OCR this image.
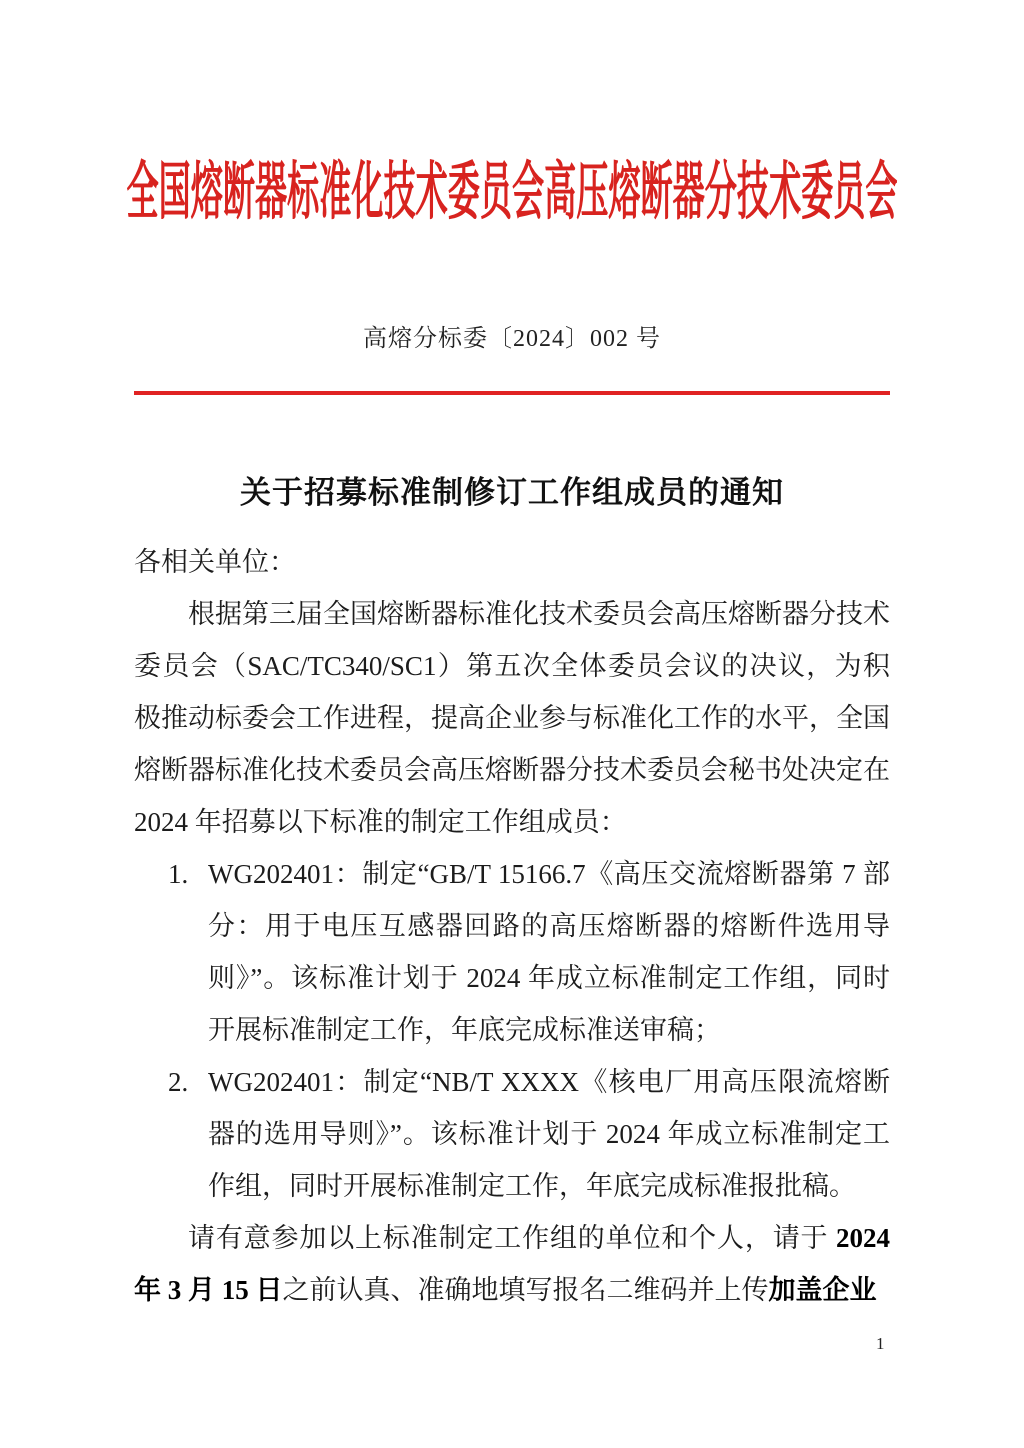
全国熔断器标准化技术委员会高压熔断器分技术委员会
高熔分标委〔2024〕002 号
关于招募标准制修订工作组成员的通知

各相关单位：

根据第三届全国熔断器标准化技术委员会高压熔断器分技术委员会（SAC/TC340/SC1）第五次全体委员会议的决议，为积极推动标委会工作进程，提高企业参与标准化工作的水平，全国熔断器标准化技术委员会高压熔断器分技术委员会秘书处决定在 2024 年招募以下标准的制定工作组成员：

1. WG202401：制定“GB/T 15166.7《高压交流熔断器第 7 部分：用于电压互感器回路的高压熔断器的熔断件选用导则》”。该标准计划于 2024 年成立标准制定工作组，同时开展标准制定工作，年底完成标准送审稿；
2. WG202401：制定“NB/T XXXX《核电厂用高压限流熔断器的选用导则》”。该标准计划于 2024 年成立标准制定工作组，同时开展标准制定工作，年底完成标准报批稿。

请有意参加以上标准制定工作组的单位和个人，请于 2024 年 3 月 15 日之前认真、准确地填写报名二维码并上传加盖企业

1
